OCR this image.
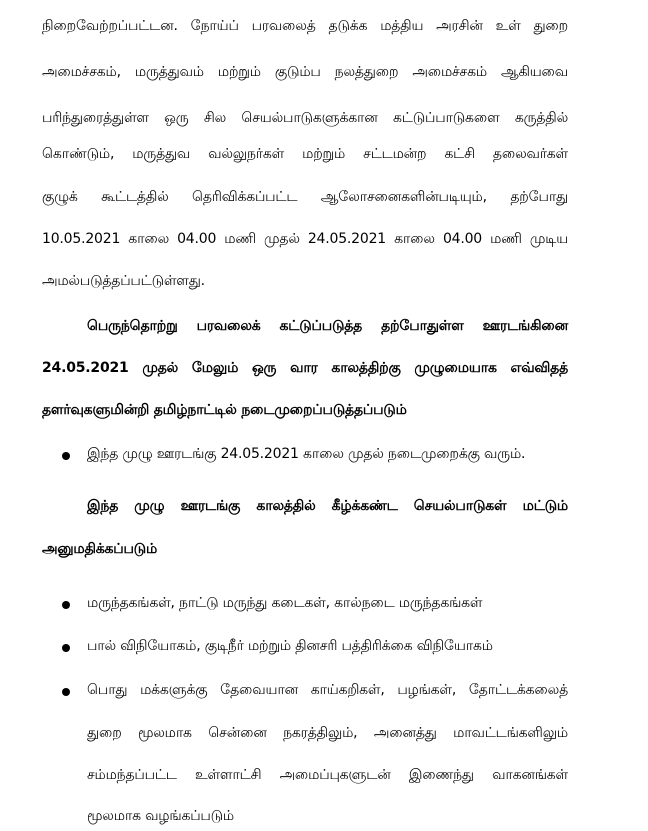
நிறைவேற்றப்பட்டன. நோய்ப் பரவலைத் தடுக்க மத்திய அரசின் உள் துறை
அமைச்சகம், மருத்துவம் மற்றும் குடும்ப நலத்துறை அமைச்சகம் ஆகியவை
பரிந்துரைத்துள்ள ஒரு சில செயல்பாடுகளுக்கான கட்டுப்பாடுகளை கருத்தில்
கொண்டும், மருத்துவ வல்லுநர்கள் மற்றும் சட்டமன்ற கட்சி தலைவர்கள்
குழுக் கூட்டத்தில் தெரிவிக்கப்பட்ட ஆலோசனைகளின்படியும், தற்போது
10.05.2021 காலை 04.00 மணி முதல் 24.05.2021 காலை 04.00 மணி முடிய
அமல்படுத்தப்பட்டுள்ளது.
பெருந்தொற்று பரவலைக் கட்டுப்படுத்த தற்போதுள்ள ஊரடங்கினை
24.05.2021 முதல் மேலும் ஒரு வார காலத்திற்கு முழுமையாக எவ்விதத்
தளர்வுகளுமின்றி தமிழ்நாட்டில் நடைமுறைப்படுத்தப்படும்
இந்த முழு ஊரடங்கு 24.05.2021 காலை முதல் நடைமுறைக்கு வரும்.
இந்த முழு ஊரடங்கு காலத்தில் கீழ்க்கண்ட செயல்பாடுகள் மட்டும்
அனுமதிக்கப்படும்
மருந்தகங்கள், நாட்டு மருந்து கடைகள், கால்நடை மருந்தகங்கள்
பால் விநியோகம், குடிநீர் மற்றும் தினசரி பத்திரிக்கை விநியோகம்
பொது மக்களுக்கு தேவையான காய்கறிகள், பழங்கள், தோட்டக்கலைத்
துறை மூலமாக சென்னை நகரத்திலும், அனைத்து மாவட்டங்களிலும்
சம்மந்தப்பட்ட உள்ளாட்சி அமைப்புகளுடன் இணைந்து வாகனங்கள்
மூலமாக வழங்கப்படும்
